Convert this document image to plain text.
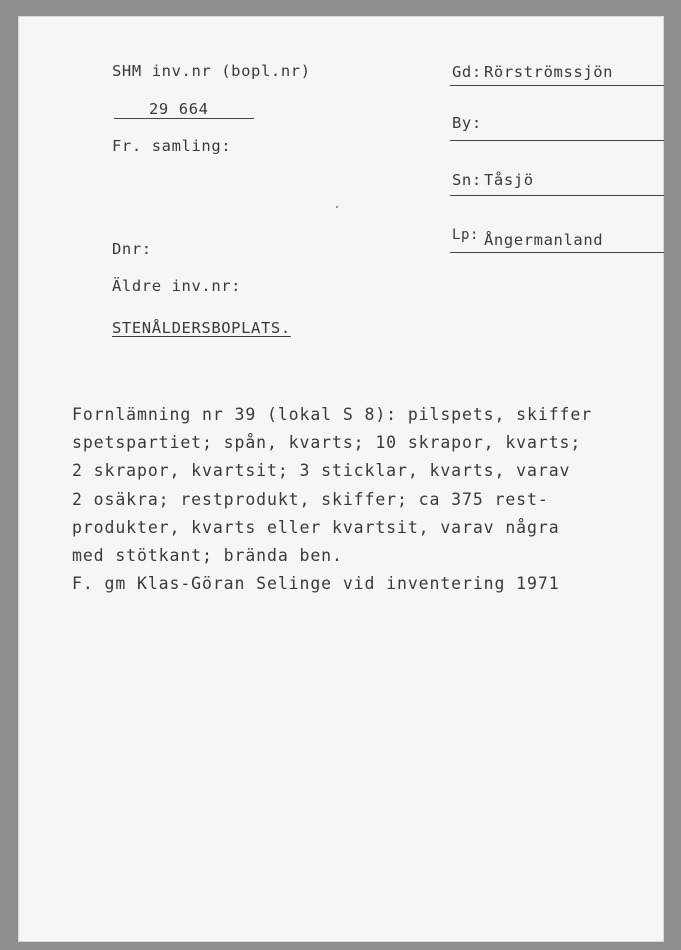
SHM inv.nr (bopl.nr)
29 664
Fr. samling:
Dnr:
Äldre inv.nr:
STENÅLDERSBOPLATS.
Gd: Rörströmssjön
By:
Sn: Tåsjö
Lp: Ångermanland
Fornlämning nr 39 (lokal S 8): pilspets, skiffer
spetspartiet; spån, kvarts; 10 skrapor, kvarts;
2 skrapor, kvartsit; 3 sticklar, kvarts, varav
2 osäkra; restprodukt, skiffer; ca 375 rest-
produkter, kvarts eller kvartsit, varav några
med stötkant; brända ben.
F. gm Klas-Göran Selinge vid inventering 1971
